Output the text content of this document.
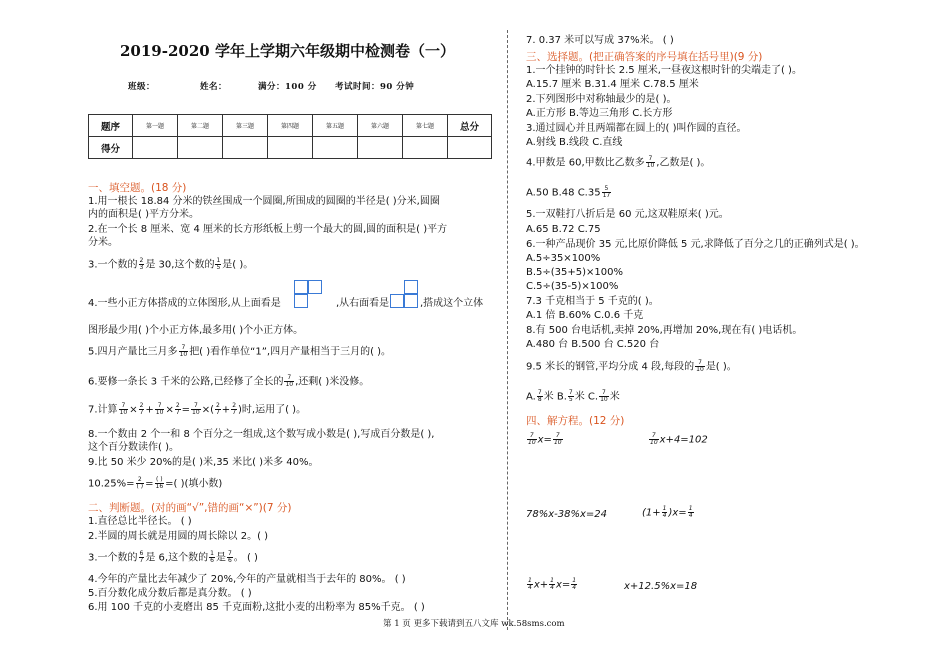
2019-2020 学年上学期六年级期中检测卷（一）
班级：	姓名：	满分：100 分 考试时间：90 分钟
题序	第一题	第二题	第三题	第四题	第五题	第六题	第七题	总分
得分								
一、填空题。(18 分)
1.用一根长 18.84 分米的铁丝围成一个圆圈,所围成的圆圈的半径是( )分米,圆圈
内的面积是( )平方分米。
2.在一个长 8 厘米、宽 4 厘米的长方形纸板上剪一个最大的圆,圆的面积是( )平方
分米。
3.一个数的 $\frac{2}{3}$ 是 30,这个数的 $\frac{1}{5}$ 是( )。
4.一些小正方体搭成的立体图形,从上面看是	,从右面看是	,搭成这个立体
图形最少用( )个小正方体,最多用( )个小正方体。
5.四月产量比三月多 $\frac{7}{10}$ 把( )看作单位“1”,四月产量相当于三月的( )。
6.要修一条长 3 千米的公路,已经修了全长的 $\frac{7}{10}$ ,还剩( )米没修。
7.计算 $\frac{7}{10} \times \frac{2}{7} + \frac{7}{10} \times \frac{2}{7} = \frac{7}{10}$ ×( $\frac{2}{7} + \frac{2}{7}$ )时,运用了( )。
8.一个数由 2 个一和 8 个百分之一组成,这个数写成小数是( ),写成百分数是( ),
这个百分数读作( )。
9.比 50 米少 20%的是( )米,35 米比( )米多 40%。
$10.25\%= \frac{2}{( )} = \frac{( )}{16}$ =( )(填小数)
二、判断题。(对的画“√”,错的画“×”)(7 分)
1.直径总比半径长。 ( )
2.半圆的周长就是用圆的周长除以 2。( )
3.一个数的 $\frac{6}{7}$ 是 6,这个数的 $\frac{1}{6}$ 是 $\frac{7}{6}$ 。 ( )
4.今年的产量比去年减少了 20%,今年的产量就相当于去年的 80%。 ( )
5.百分数化成分数后都是真分数。 ( )
6.用 100 千克的小麦磨出 85 千克面粉,这批小麦的出粉率为 85%千克。 ( )
7. 0.37 米可以写成 37%米。 ( )
三、选择题。(把正确答案的序号填在括号里)(9 分)
1.一个挂钟的时针长 2.5 厘米,一昼夜这根时针的尖端走了( )。
A.15.7 厘米 B.31.4 厘米 C.78.5 厘米
2.下列图形中对称轴最少的是( )。
A.正方形 B.等边三角形 C.长方形
3.通过圆心并且两端都在圆上的( )叫作圆的直径。
A.射线 B.线段 C.直线
4.甲数是 60,甲数比乙数多 $\frac{7}{10}$ ,乙数是( )。
A.50 B.48 $C.35 \frac{5}{17}$
5.一双鞋打八折后是 60 元,这双鞋原来( )元。
A.65 B.72 C.75
6.一种产品现价 35 元,比原价降低 5 元,求降低了百分之几的正确列式是( )。
A.5÷35×100%
B.5÷(35+5)×100%
C.5÷(35-5)×100%
7.3 千克相当于 5 千克的( )。
A.1 倍 B.60% C.0.6 千克
8.有 500 台电话机,卖掉 20%,再增加 20%,现在有( )电话机。
A.480 台 B.500 台 C.520 台
9.5 米长的钢管,平均分成 4 段,每段的 $\frac{7}{10}$ 是( )。
A. $\frac{7}{8}$ 米 B. $\frac{7}{5}$ 米 C. $\frac{7}{10}$ 米
四、解方程。(12 分)
$\frac{7}{10} x= \frac{7}{10}$	$\frac{7}{10} x+4=102$
78%x-38%x=24	$(1+ \frac{1}{4} )x= \frac{1}{4}$
$\frac{1}{4} x+ \frac{1}{4} x= \frac{1}{4}$	x+12.5%x=18
第 1 页 更多下载请到五八文库 wk.58sms.com
